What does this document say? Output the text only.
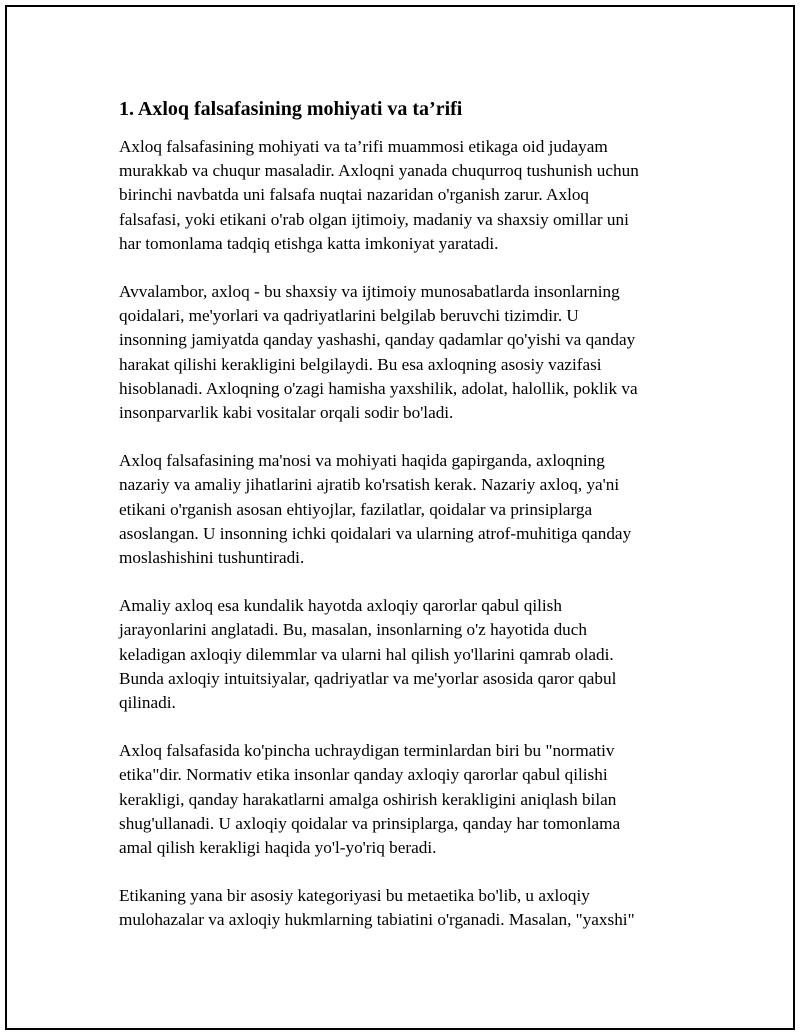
1. Axloq falsafasining mohiyati va ta’rifi

Axloq falsafasining mohiyati va ta’rifi muammosi etikaga oid judayam
murakkab va chuqur masaladir. Axloqni yanada chuqurroq tushunish uchun
birinchi navbatda uni falsafa nuqtai nazaridan o'rganish zarur. Axloq
falsafasi, yoki etikani o'rab olgan ijtimoiy, madaniy va shaxsiy omillar uni
har tomonlama tadqiq etishga katta imkoniyat yaratadi.

Avvalambor, axloq - bu shaxsiy va ijtimoiy munosabatlarda insonlarning
qoidalari, me'yorlari va qadriyatlarini belgilab beruvchi tizimdir. U
insonning jamiyatda qanday yashashi, qanday qadamlar qo'yishi va qanday
harakat qilishi kerakligini belgilaydi. Bu esa axloqning asosiy vazifasi
hisoblanadi. Axloqning o'zagi hamisha yaxshilik, adolat, halollik, poklik va
insonparvarlik kabi vositalar orqali sodir bo'ladi.

Axloq falsafasining ma'nosi va mohiyati haqida gapirganda, axloqning
nazariy va amaliy jihatlarini ajratib ko'rsatish kerak. Nazariy axloq, ya'ni
etikani o'rganish asosan ehtiyojlar, fazilatlar, qoidalar va prinsiplarga
asoslangan. U insonning ichki qoidalari va ularning atrof-muhitiga qanday
moslashishini tushuntiradi.

Amaliy axloq esa kundalik hayotda axloqiy qarorlar qabul qilish
jarayonlarini anglatadi. Bu, masalan, insonlarning o'z hayotida duch
keladigan axloqiy dilemmlar va ularni hal qilish yo'llarini qamrab oladi.
Bunda axloqiy intuitsiyalar, qadriyatlar va me'yorlar asosida qaror qabul
qilinadi.

Axloq falsafasida ko'pincha uchraydigan terminlardan biri bu "normativ
etika"dir. Normativ etika insonlar qanday axloqiy qarorlar qabul qilishi
kerakligi, qanday harakatlarni amalga oshirish kerakligini aniqlash bilan
shug'ullanadi. U axloqiy qoidalar va prinsiplarga, qanday har tomonlama
amal qilish kerakligi haqida yo'l-yo'riq beradi.

Etikaning yana bir asosiy kategoriyasi bu metaetika bo'lib, u axloqiy
mulohazalar va axloqiy hukmlarning tabiatini o'rganadi. Masalan, "yaxshi"
